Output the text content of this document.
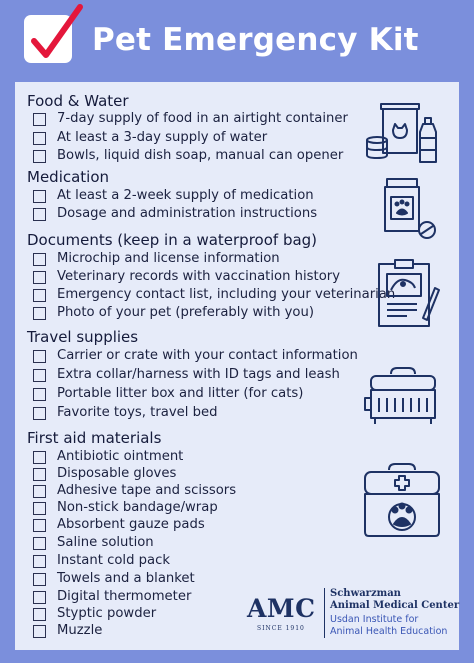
Pet Emergency Kit
Food & Water
7-day supply of food in an airtight container
At least a 3-day supply of water
Bowls, liquid dish soap, manual can opener
Medication
At least a 2-week supply of medication
Dosage and administration instructions
Documents (keep in a waterproof bag)
Microchip and license information
Veterinary records with vaccination history
Emergency contact list, including your veterinarian
Photo of your pet (preferably with you)
Travel supplies
Carrier or crate with your contact information
Extra collar/harness with ID tags and leash
Portable litter box and litter (for cats)
Favorite toys, travel bed
First aid materials
Antibiotic ointment
Disposable gloves
Adhesive tape and scissors
Non-stick bandage/wrap
Absorbent gauze pads
Saline solution
Instant cold pack
Towels and a blanket
Digital thermometer
Styptic powder
Muzzle
AMC
SINCE 1910
Schwarzman
Animal Medical Center
Usdan Institute for
Animal Health Education
